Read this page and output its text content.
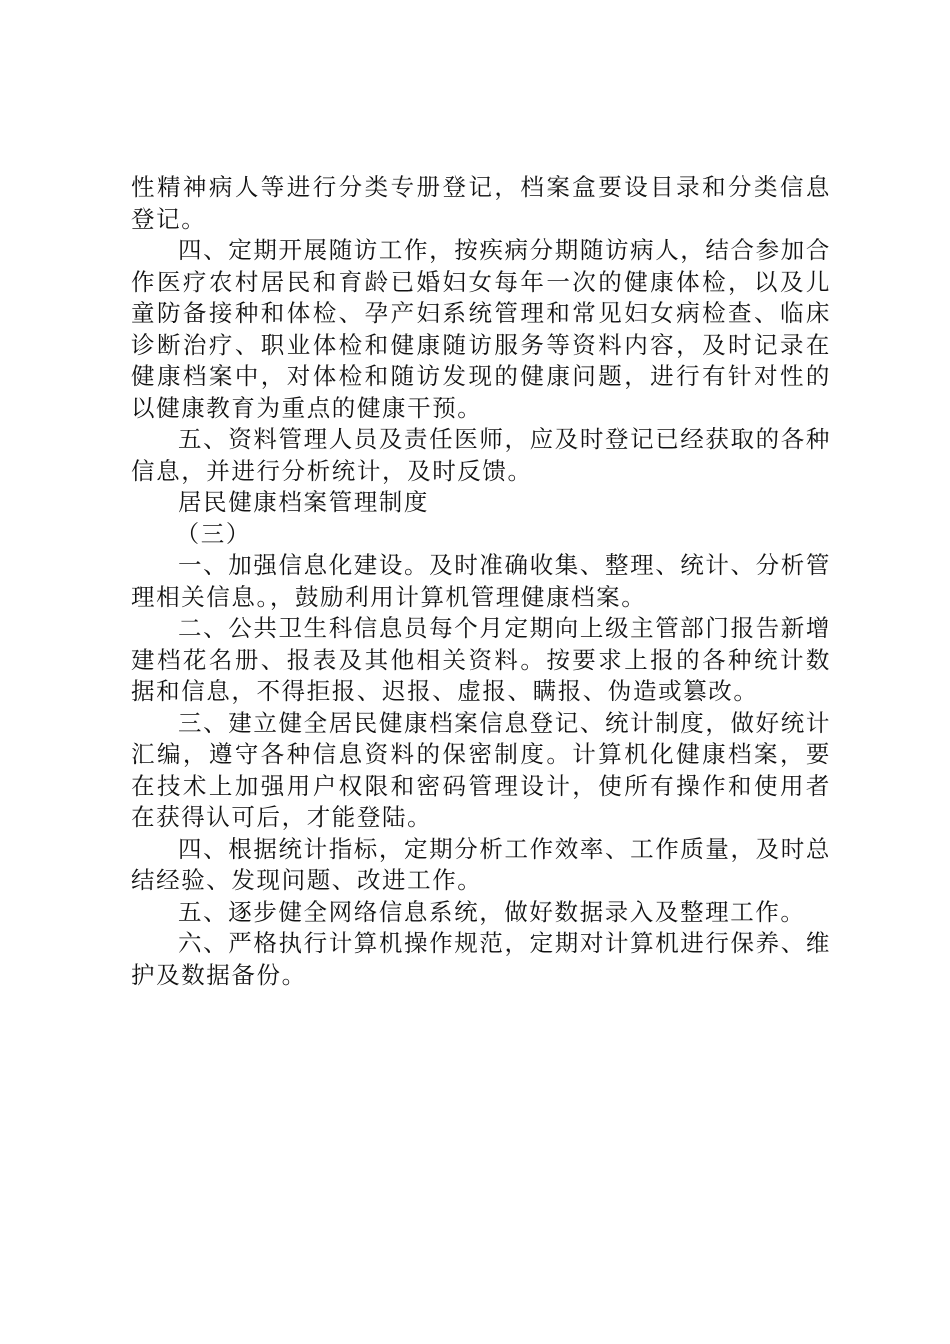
性精神病人等进行分类专册登记，档案盒要设目录和分类信息登记。

四、定期开展随访工作，按疾病分期随访病人，结合参加合作医疗农村居民和育龄已婚妇女每年一次的健康体检，以及儿童防备接种和体检、孕产妇系统管理和常见妇女病检查、临床诊断治疗、职业体检和健康随访服务等资料内容，及时记录在健康档案中，对体检和随访发现的健康问题，进行有针对性的以健康教育为重点的健康干预。

五、资料管理人员及责任医师，应及时登记已经获取的各种信息，并进行分析统计，及时反馈。

居民健康档案管理制度

（三）

一、加强信息化建设。及时准确收集、整理、统计、分析管理相关信息。，鼓励利用计算机管理健康档案。

二、公共卫生科信息员每个月定期向上级主管部门报告新增建档花名册、报表及其他相关资料。按要求上报的各种统计数据和信息，不得拒报、迟报、虚报、瞒报、伪造或篡改。

三、建立健全居民健康档案信息登记、统计制度，做好统计汇编，遵守各种信息资料的保密制度。计算机化健康档案，要在技术上加强用户权限和密码管理设计，使所有操作和使用者在获得认可后，才能登陆。

四、根据统计指标，定期分析工作效率、工作质量，及时总结经验、发现问题、改进工作。

五、逐步健全网络信息系统，做好数据录入及整理工作。

六、严格执行计算机操作规范，定期对计算机进行保养、维护及数据备份。
